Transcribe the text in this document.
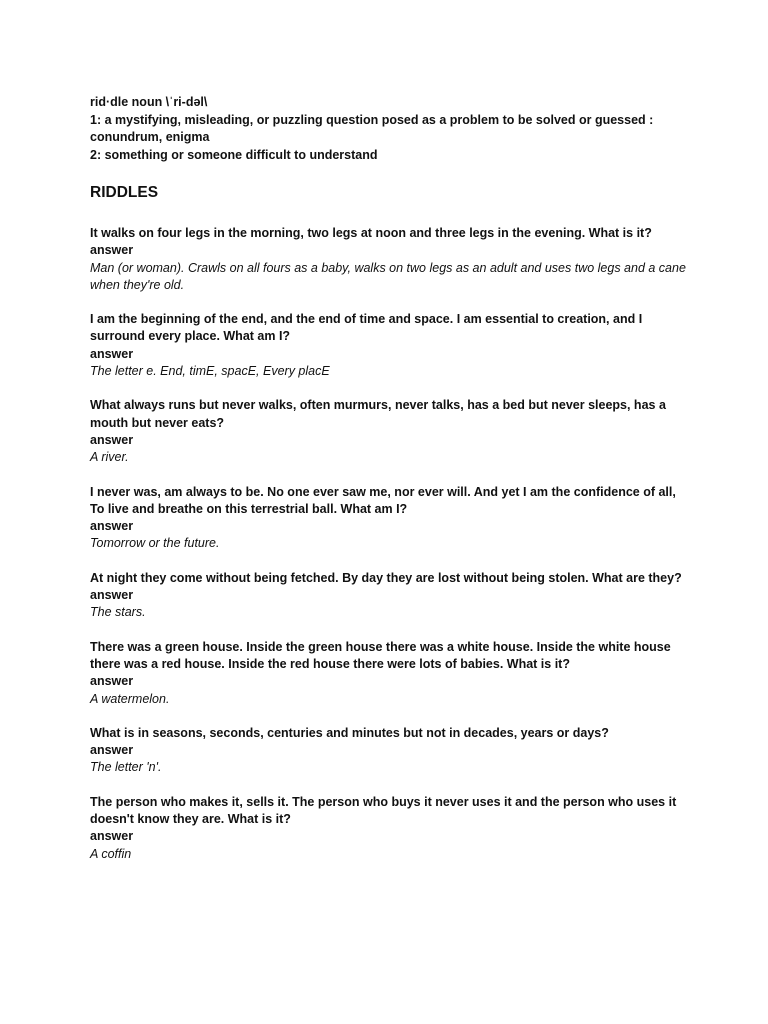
rid·dle noun \ˈri-dəl\
1: a mystifying, misleading, or puzzling question posed as a problem to be solved or guessed : conundrum, enigma
2: something or someone difficult to understand
RIDDLES
It walks on four legs in the morning, two legs at noon and three legs in the evening. What is it?
answer
Man (or woman). Crawls on all fours as a baby, walks on two legs as an adult and uses two legs and a cane when they're old.
I am the beginning of the end, and the end of time and space. I am essential to creation, and I surround every place. What am I?
answer
The letter e. End, timE, spacE, Every placE
What always runs but never walks, often murmurs, never talks, has a bed but never sleeps, has a mouth but never eats?
answer
A river.
I never was, am always to be. No one ever saw me, nor ever will. And yet I am the confidence of all, To live and breathe on this terrestrial ball. What am I?
answer
Tomorrow or the future.
At night they come without being fetched. By day they are lost without being stolen. What are they?
answer
The stars.
There was a green house. Inside the green house there was a white house. Inside the white house there was a red house. Inside the red house there were lots of babies. What is it?
answer
A watermelon.
What is in seasons, seconds, centuries and minutes but not in decades, years or days?
answer
The letter 'n'.
The person who makes it, sells it. The person who buys it never uses it and the person who uses it doesn't know they are. What is it?
answer
A coffin
